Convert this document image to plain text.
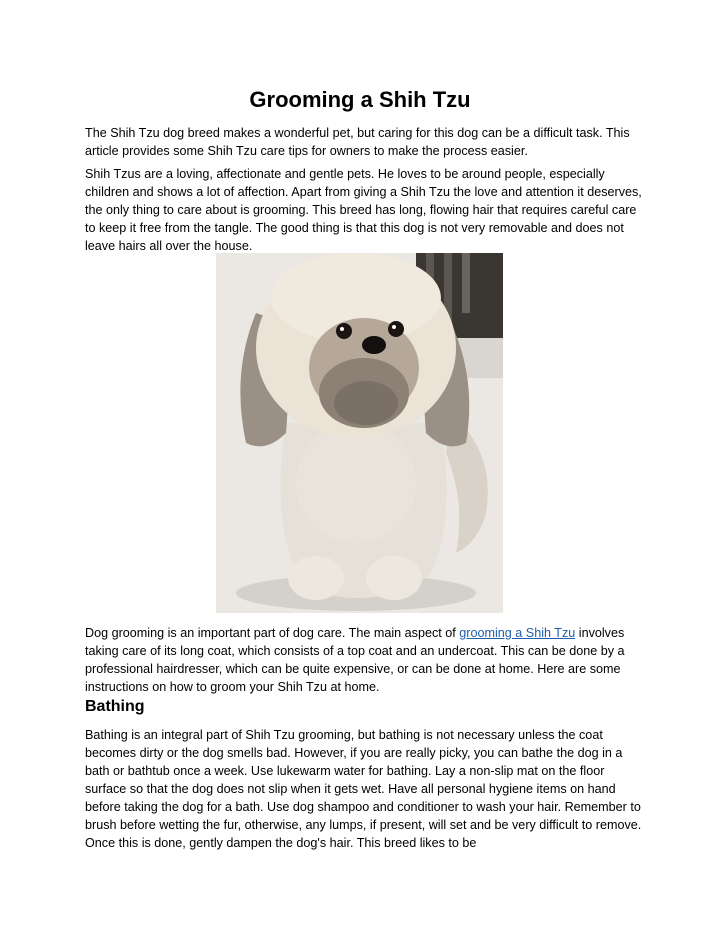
Grooming a Shih Tzu

The Shih Tzu dog breed makes a wonderful pet, but caring for this dog can be a difficult task. This article provides some Shih Tzu care tips for owners to make the process easier.

Shih Tzus are a loving, affectionate and gentle pets. He loves to be around people, especially children and shows a lot of affection. Apart from giving a Shih Tzu the love and attention it deserves, the only thing to care about is grooming. This breed has long, flowing hair that requires careful care to keep it free from the tangle. The good thing is that this dog is not very removable and does not leave hairs all over the house.

Dog grooming is an important part of dog care. The main aspect of grooming a Shih Tzu involves taking care of its long coat, which consists of a top coat and an undercoat. This can be done by a professional hairdresser, which can be quite expensive, or can be done at home. Here are some instructions on how to groom your Shih Tzu at home.

Bathing

Bathing is an integral part of Shih Tzu grooming, but bathing is not necessary unless the coat becomes dirty or the dog smells bad. However, if you are really picky, you can bathe the dog in a bath or bathtub once a week. Use lukewarm water for bathing. Lay a non-slip mat on the floor surface so that the dog does not slip when it gets wet. Have all personal hygiene items on hand before taking the dog for a bath. Use dog shampoo and conditioner to wash your hair. Remember to brush before wetting the fur, otherwise, any lumps, if present, will set and be very difficult to remove. Once this is done, gently dampen the dog's hair. This breed likes to be
